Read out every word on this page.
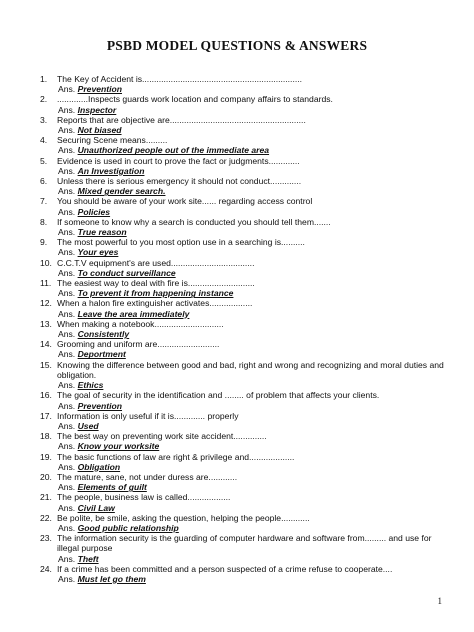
PSBD MODEL QUESTIONS & ANSWERS
1.	The Key of Accident is...................................................................
Ans. Prevention
2.	.............Inspects guards work location and company affairs to standards.
Ans. Inspector
3.	Reports that are objective are.........................................................
Ans. Not biased
4.	Securing Scene means.........
Ans. Unauthorized people out of the immediate area
5.	Evidence is used in court to prove the fact or judgments.............
Ans. An Investigation
6.	Unless there is serious emergency it should not conduct.............
Ans. Mixed gender search.
7.	You should be aware of your work site...... regarding access control
Ans. Policies
8.	If someone to know why a search is conducted you should tell them.......
Ans. True reason
9.	The most powerful to you most option use in a searching is..........
Ans. Your eyes
10. C.C.T.V equipment's are used...................................
Ans. To conduct surveillance
11. The easiest way to deal with fire is............................
Ans. To prevent it from happening instance
12. When a halon fire extinguisher activates..................
Ans. Leave the area immediately
13. When making a notebook.............................
Ans. Consistently
14. Grooming and uniform are..........................
Ans. Deportment
15. Knowing the difference between good and bad, right and wrong and recognizing and moral duties and obligation.
Ans. Ethics
16. The goal of security in the identification and ........ of problem that affects your clients.
Ans. Prevention
17. Information is only useful if it is............. properly
Ans. Used
18. The best way on preventing work site accident..............
Ans. Know your worksite
19. The basic functions of law are right & privilege and...................
Ans. Obligation
20. The mature, sane, not under duress are............
Ans. Elements of guilt
21. The people, business law is called..................
Ans. Civil Law
22. Be polite, be smile, asking the question, helping the people............
Ans. Good public relationship
23. The information security is the guarding of computer hardware and software from......... and use for illegal purpose
Ans. Theft
24. If a crime has been committed and a person suspected of a crime refuse to cooperate....
Ans. Must let go them
1
